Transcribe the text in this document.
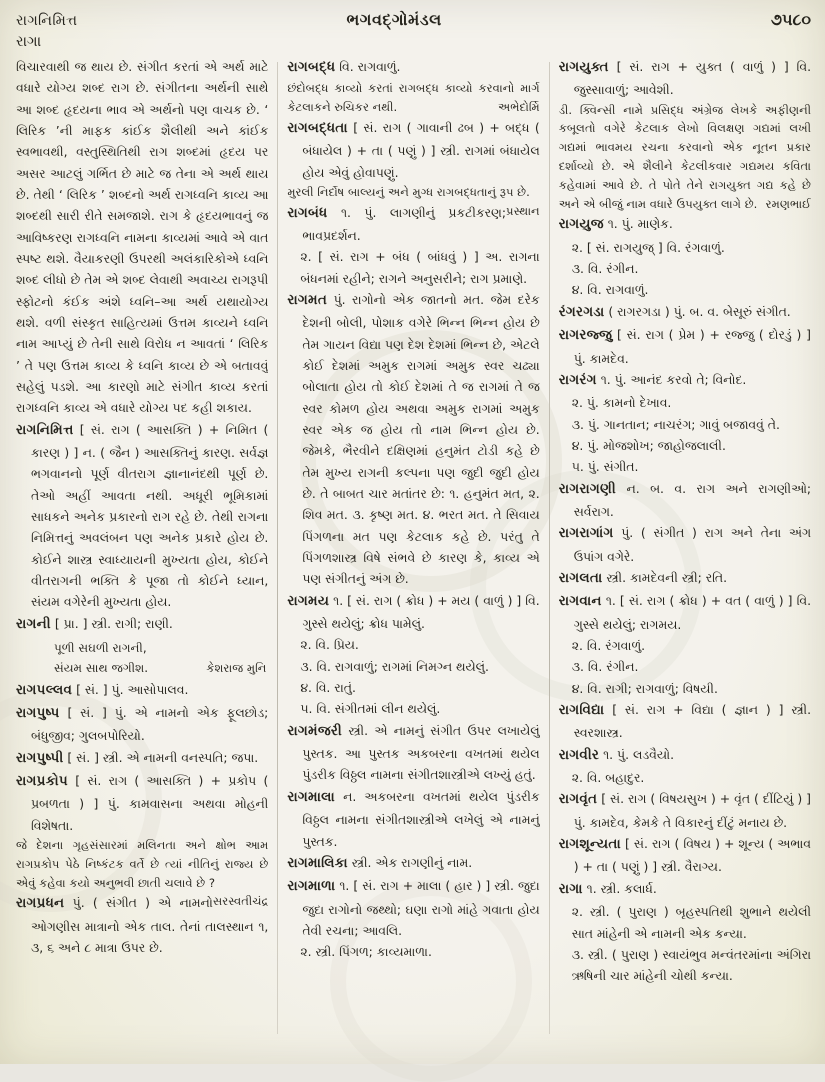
રાગનિમિત્ત	ભગવદ્ગોમંડલ	૭૫૮૦
રાગા

વિચારવાથી જ થાય છે. સંગીત કરતાં એ અર્થ માટે વધારે યોગ્ય શબ્દ રાગ છે. સંગીતના અર્થની સાથે આ શબ્દ હૃદયના ભાવ એ અર્થનો પણ વાચક છે. ‘ લિરિક ’ની માફક કાંઈક શૈલીથી અને કાંઈક સ્વભાવથી, વસ્તુસ્થિતિથી રાગ શબ્દમાં હૃદય પર અસર આટલું ગર્ભિત છે માટે જ તેના એ અર્થ થાય છે. તેથી ‘ લિરિક ’ શબ્દનો અર્થ રાગધ્વનિ કાવ્ય આ શબ્દથી સારી રીતે સમજાશે. રાગ કે હૃદયભાવનું જ આવિષ્કરણ રાગધ્વનિ નામના કાવ્યમાં આવે એ વાત સ્પષ્ટ થશે. વૈયાકરણી ઉપરથી અલંકારિકોએ ધ્વનિ શબ્દ લીધો છે તેમ એ શબ્દ લેવાથી અવાચ્ય રાગરૂપી સ્ફોટનો કંઈક અંશે ધ્વનિ–આ અર્થ યથાયોગ્ય થશે. વળી સંસ્કૃત સાહિત્યમાં ઉત્તમ કાવ્યને ધ્વનિ નામ આપ્યું છે તેની સાથે વિરોધ ન આવતાં ‘ લિરિક ’ તે પણ ઉત્તમ કાવ્ય કે ધ્વનિ કાવ્ય છે એ બતાવવું સહેલું પડશે. આ કારણો માટે સંગીત કાવ્ય કરતાં રાગધ્વનિ કાવ્ય એ વધારે યોગ્ય પદ કહી શકાય.

રાગનિમિત્ત [ સં. રાગ ( આસક્તિ ) + નિમિત ( કારણ ) ] ન. ( જૈન ) આસક્તિનું કારણ. સર્વજ્ઞ ભગવાનનો પૂર્ણ વીતરાગ જ્ઞાનાનંદથી પૂર્ણ છે. તેઓ અહીં આવતા નથી. અધૂરી ભૂમિકામાં સાધકને અનેક પ્રકારનો રાગ રહે છે. તેથી રાગના નિમિત્તનું અવલંબન પણ અનેક પ્રકારે હોય છે. કોઈને શાસ્ત્ર સ્વાધ્યાયની મુખ્યતા હોય, કોઈને વીતરાગની ભક્તિ કે પૂજા તો કોઈને ધ્યાન, સંયમ વગેરેની મુખ્યતા હોય.

રાગની [ પ્રા. ] સ્ત્રી. રાગી; રાણી.

પૂળી સઘળી રાગની,
સંયમ સાથ જગીશ.	કેશરાજ મુનિ

રાગપલ્લવ [ સં. ] પું. આસોપાલવ.

રાગપુષ્પ [ સં. ] પું. એ નામનો એક ફૂલછોડ; બંધુજીવ; ગુલબપોરિયો.

રાગપુષ્પી [ સં. ] સ્ત્રી. એ નામની વનસ્પતિ; જપા.

રાગપ્રકોપ [ સં. રાગ ( આસક્તિ ) + પ્રકોપ ( પ્રબળતા ) ] પું. કામવાસના અથવા મોહની વિશેષતા.

જે દેશના ગૃહસંસારમાં મલિનતા અને ક્ષોભ આમ રાગપ્રકોપ પેઠે નિષ્કંટક વર્તે છે ત્યાં નીતિનું રાજ્ય છે એવું કહેવા કયો અનુભવી છાતી ચલાવે છે ?
સરસ્વતીચંદ્ર

રાગપ્રધન પું. ( સંગીત ) એ નામનો ઓગણીસ માત્રાનો એક તાલ. તેનાં તાલસ્થાન ૧, ૩, ૬ અને ૮ માત્રા ઉપર છે.

રાગબદ્ધ વિ. રાગવાળું.

છંદોબદ્ધ કાવ્યો કરતાં રાગબદ્ધ કાવ્યો કરવાનો માર્ગ કેટલાકને રુચિકર નથી.	અભેદોર્મિ

રાગબદ્ધતા [ સં. રાગ ( ગાવાની ઢબ ) + બદ્ધ ( બંધાયેલ ) + તા ( પણું ) ] સ્ત્રી. રાગમાં બંધાયેલ હોય એવું હોવાપણું.

મુરલી નિર્દોષ બાલ્યનું અને મુગ્ધ રાગબદ્ધતાનું રૂપ છે.
પ્રસ્થાન

રાગબંધ ૧. પું. લાગણીનું પ્રકટીકરણ; ભાવપ્રદર્શન.

૨. [ સં. રાગ + બંધ ( બાંધવું ) ] અ. રાગના બંધનમાં રહીને; રાગને અનુસરીને; રાગ પ્રમાણે.

રાગમત પું. રાગોનો એક જાતનો મત. જેમ દરેક દેશની બોલી, પોશાક વગેરે ભિન્ન ભિન્ન હોય છે તેમ ગાયન વિદ્યા પણ દેશ દેશમાં ભિન્ન છે, એટલે કોઈ દેશમાં અમુક રાગમાં અમુક સ્વર ચઢ્યા બોલાતા હોય તો કોઈ દેશમાં તે જ રાગમાં તે જ સ્વર કોમળ હોય અથવા અમુક રાગમાં અમુક સ્વર એક જ હોય તો નામ ભિન્ન હોય છે. જેમકે, ભૈરવીને દક્ષિણમાં હનુમંત ટોડી કહે છે તેમ મુખ્ય રાગની કલ્પના પણ જુદી જુદી હોય છે. તે બાબત ચાર મતાંતર છે: ૧. હનુમંત મત, ૨. શિવ મત. ૩. કૃષ્ણ મત. ૪. ભરત મત. તે સિવાય પિંગળના મત પણ કેટલાક કહે છે. પરંતુ તે પિંગળશાસ્ત્ર વિષે સંભવે છે કારણ કે, કાવ્ય એ પણ સંગીતનું અંગ છે.

રાગમય ૧. [ સં. રાગ ( ક્રોધ ) + મય ( વાળું ) ] વિ. ગુસ્સે થયેલું; ક્રોધ પામેલું.

૨. વિ. પ્રિય.

૩. વિ. રાગવાળું; રાગમાં નિમગ્ન થયેલું.

૪. વિ. રાતું.

૫. વિ. સંગીતમાં લીન થયેલું.

રાગમંજરી સ્ત્રી. એ નામનું સંગીત ઉપર લખાયેલું પુસ્તક. આ પુસ્તક અકબરના વખતમાં થયેલ પુંડરીક વિઠ્ઠલ નામના સંગીતશાસ્ત્રીએ લખ્યું હતું.

રાગમાલા ન. અકબરના વખતમાં થયેલ પુંડરીક વિઠ્ઠલ નામના સંગીતશાસ્ત્રીએ લખેલું એ નામનું પુસ્તક.

રાગમાલિકા સ્ત્રી. એક રાગણીનું નામ.

રાગમાળા ૧. [ સં. રાગ + માલા ( હાર ) ] સ્ત્રી. જુદા જુદા રાગોનો જથ્થો; ઘણા રાગો માંહે ગવાતા હોય તેવી રચના; આવલિ.

૨. સ્ત્રી. પિંગળ; કાવ્યમાળા.

રાગયુક્ત [ સં. રાગ + યુક્ત ( વાળું ) ] વિ. જુસ્સાવાળું; આવેશી.

ડી. ક્વિન્સી નામે પ્રસિદ્ધ અંગ્રેજ લેખકે અફીણની કબૂલતો વગેરે કેટલાક લેખો વિલક્ષણ ગદ્યમાં લખી ગદ્યમાં ભાવમય રચના કરવાનો એક નૂતન પ્રકાર દર્શાવ્યો છે. એ શૈલીને કેટલીકવાર ગદ્યમય કવિતા કહેવામાં આવે છે. તે પોતે તેને રાગયુક્ત ગદ્ય કહે છે અને એ બીજું નામ વધારે ઉપયુક્ત લાગે છે. રમણભાઈ

રાગયુજ ૧. પું. માણેક.

૨. [ સં. રાગયુજ્ ] વિ. રંગવાળું.

૩. વિ. રંગીન.

૪. વિ. રાગવાળું.

રંગરગડા ( રાગરગડા ) પું. બ. વ. બેસૂરું સંગીત.

રાગરજ્જુ [ સં. રાગ ( પ્રેમ ) + રજ્જુ ( દોરડું ) ] પું. કામદેવ.

રાગરંગ ૧. પું. આનંદ કરવો તે; વિનોદ.

૨. પું. કામનો દેખાવ.

૩. પું. ગાનતાન; નાચરંગ; ગાવું બજાવવું તે.

૪. પું. મોજશોખ; જાહોજલાલી.

૫. પું. સંગીત.

રાગરાગણી ન. બ. વ. રાગ અને રાગણીઓ; સર્વરાગ.

રાગરાગાંગ પું. ( સંગીત ) રાગ અને તેના અંગ ઉપાંગ વગેરે.

રાગલતા સ્ત્રી. કામદેવની સ્ત્રી; રતિ.

રાગવાન ૧. [ સં. રાગ ( ક્રોધ ) + વત ( વાળું ) ] વિ. ગુસ્સે થયેલું; રાગમય.

૨. વિ. રંગવાળું.

૩. વિ. રંગીન.

૪. વિ. રાગી; રાગવાળું; વિષયી.

રાગવિદ્યા [ સં. રાગ + વિદ્યા ( જ્ઞાન ) ] સ્ત્રી. સ્વરશાસ્ત્ર.

રાગવીર ૧. પું. લડવૈયો.

૨. વિ. બહાદુર.

રાગવૃંત [ સં. રાગ ( વિષયસુખ ) + વૃંત ( દીંટિયું ) ] પું. કામદેવ, કેમકે તે વિકારનું દીંટું મનાય છે.

રાગશૂન્યતા [ સં. રાગ ( વિષય ) + શૂન્ય ( અભાવ ) + તા ( પણું ) ] સ્ત્રી. વૈરાગ્ય.

રાગા ૧. સ્ત્રી. કલાર્ધ.

૨. સ્ત્રી. ( પુરાણ ) બૃહસ્પતિથી શુભાને થયેલી સાત માંહેની એ નામની એક કન્યા.

૩. સ્ત્રી. ( પુરાણ ) સ્વાયંભુવ મન્વંતરમાંના અંગિરા ઋષિની ચાર માંહેની ચોથી કન્યા.
